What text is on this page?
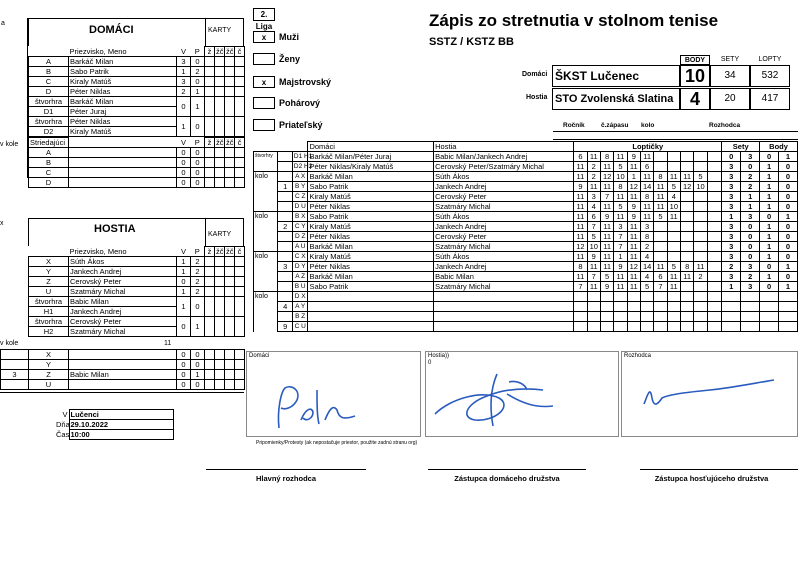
a
DOMÁCI	KARTY
	Priezvisko, Meno	V	P	ž	žč	žč	č
A	Barkáč Milan	3	0				
B	Sabo Patrik	1	2				
C	Kiraly Matúš	3	0				
D	Péter Niklas	2	1				
štvorhra	Barkáč Milan	0	1				
D1	Péter Juraj						
štvorhra	Péter Niklas	1	0				
D2	Kiraly Matúš						
Striedajúci		V	P	ž	žč	žč	č
A		0	0				
B		0	0				
C		0	0				
D		0	0				
v kole
x	HOSTIA	KARTY
	Priezvisko, Meno	V	P	ž	žč	žč	č
X	Súth Ákos	1	2				
Y	Jankech Andrej	1	2				
Z	Cerovský Peter	0	2				
U	Szatmáry Michal	1	2				
štvorhra	Babic Milan	1	0				
H1	Jankech Andrej						
štvorhra	Cerovský Peter	0	1				
H2	Szatmáry Michal						
v kole	11
	X		0	0				
	Y		0	0				
3	Z	Babic Milan	0	1				
	U		0	0				
V	Lučenci
Dňa	29.10.2022
Čas	10:00
2. Liga
x	Muži
Ženy
x	Majstrovský
Pohárový
Priateľský
Zápis zo stretnutia v stolnom tenise
SSTZ / KSTZ BB
BODY	SETY	LOPTY
Domáci ŠKST Lučenec	10	34	532
Hostia STO Zvolenská Slatina 4	20	417
Ročník	č.zápasu kolo	Rozhodca
			Domáci	Hostia	Loptičky											Sety		Body	
štvorhry		D1 H1	Barkáč Milan/Péter Juraj	Babic Milan/Jankech Andrej	6	11	8	11	9	11						0	3	0	1
		D2 H2	Péter Niklas/Kiraly Matúš	Cerovský Peter/Szatmáry Michal	11	2	11	5	11	6						3	0	1	0
kolo		A X	Barkáč Milan	Súth Ákos	11	2	12	10	1	11	8	11	11	5		3	2	1	0
	1	B Y	Sabo Patrik	Jankech Andrej	9	11	11	8	12	14	11	5	12	10		3	2	1	0
		C Z	Kiraly Matúš	Cerovský Peter	11	3	7	11	11	8	11	4				3	1	1	0
		D U	Péter Niklas	Szatmáry Michal	11	4	11	5	9	11	11	10				3	1	1	0
kolo		B X	Sabo Patrik	Súth Ákos	11	6	9	11	9	11	5	11				1	3	0	1
	2	C Y	Kiraly Matúš	Jankech Andrej	11	7	11	3	11	3						3	0	1	0
		D Z	Péter Niklas	Cerovský Peter	11	5	11	7	11	8						3	0	1	0
		A U	Barkáč Milan	Szatmáry Michal	12	10	11	7	11	2						3	0	1	0
kolo		C X	Kiraly Matúš	Súth Ákos	11	9	11	1	11	4						3	0	1	0
	3	D Y	Péter Niklas	Jankech Andrej	8	11	11	9	12	14	11	5	8	11		2	3	0	1
		A Z	Barkáč Milan	Babic Milan	11	7	5	11	11	4	6	11	11	2		3	2	1	0
		B U	Sabo Patrik	Szatmáry Michal	7	11	9	11	11	5	7	11				1	3	0	1
kolo		D X																	
	4	A Y																	
		B Z																	
	9	C U																	
Domáci	Hostia))
0
Rozhodca
Pripomienky/Protesty (ak nepostačuje priestor, použite zadnú stranu org)
Hlavný rozhodca	Zástupca domáceho družstva	Zástupca hosťujúceho družstva
